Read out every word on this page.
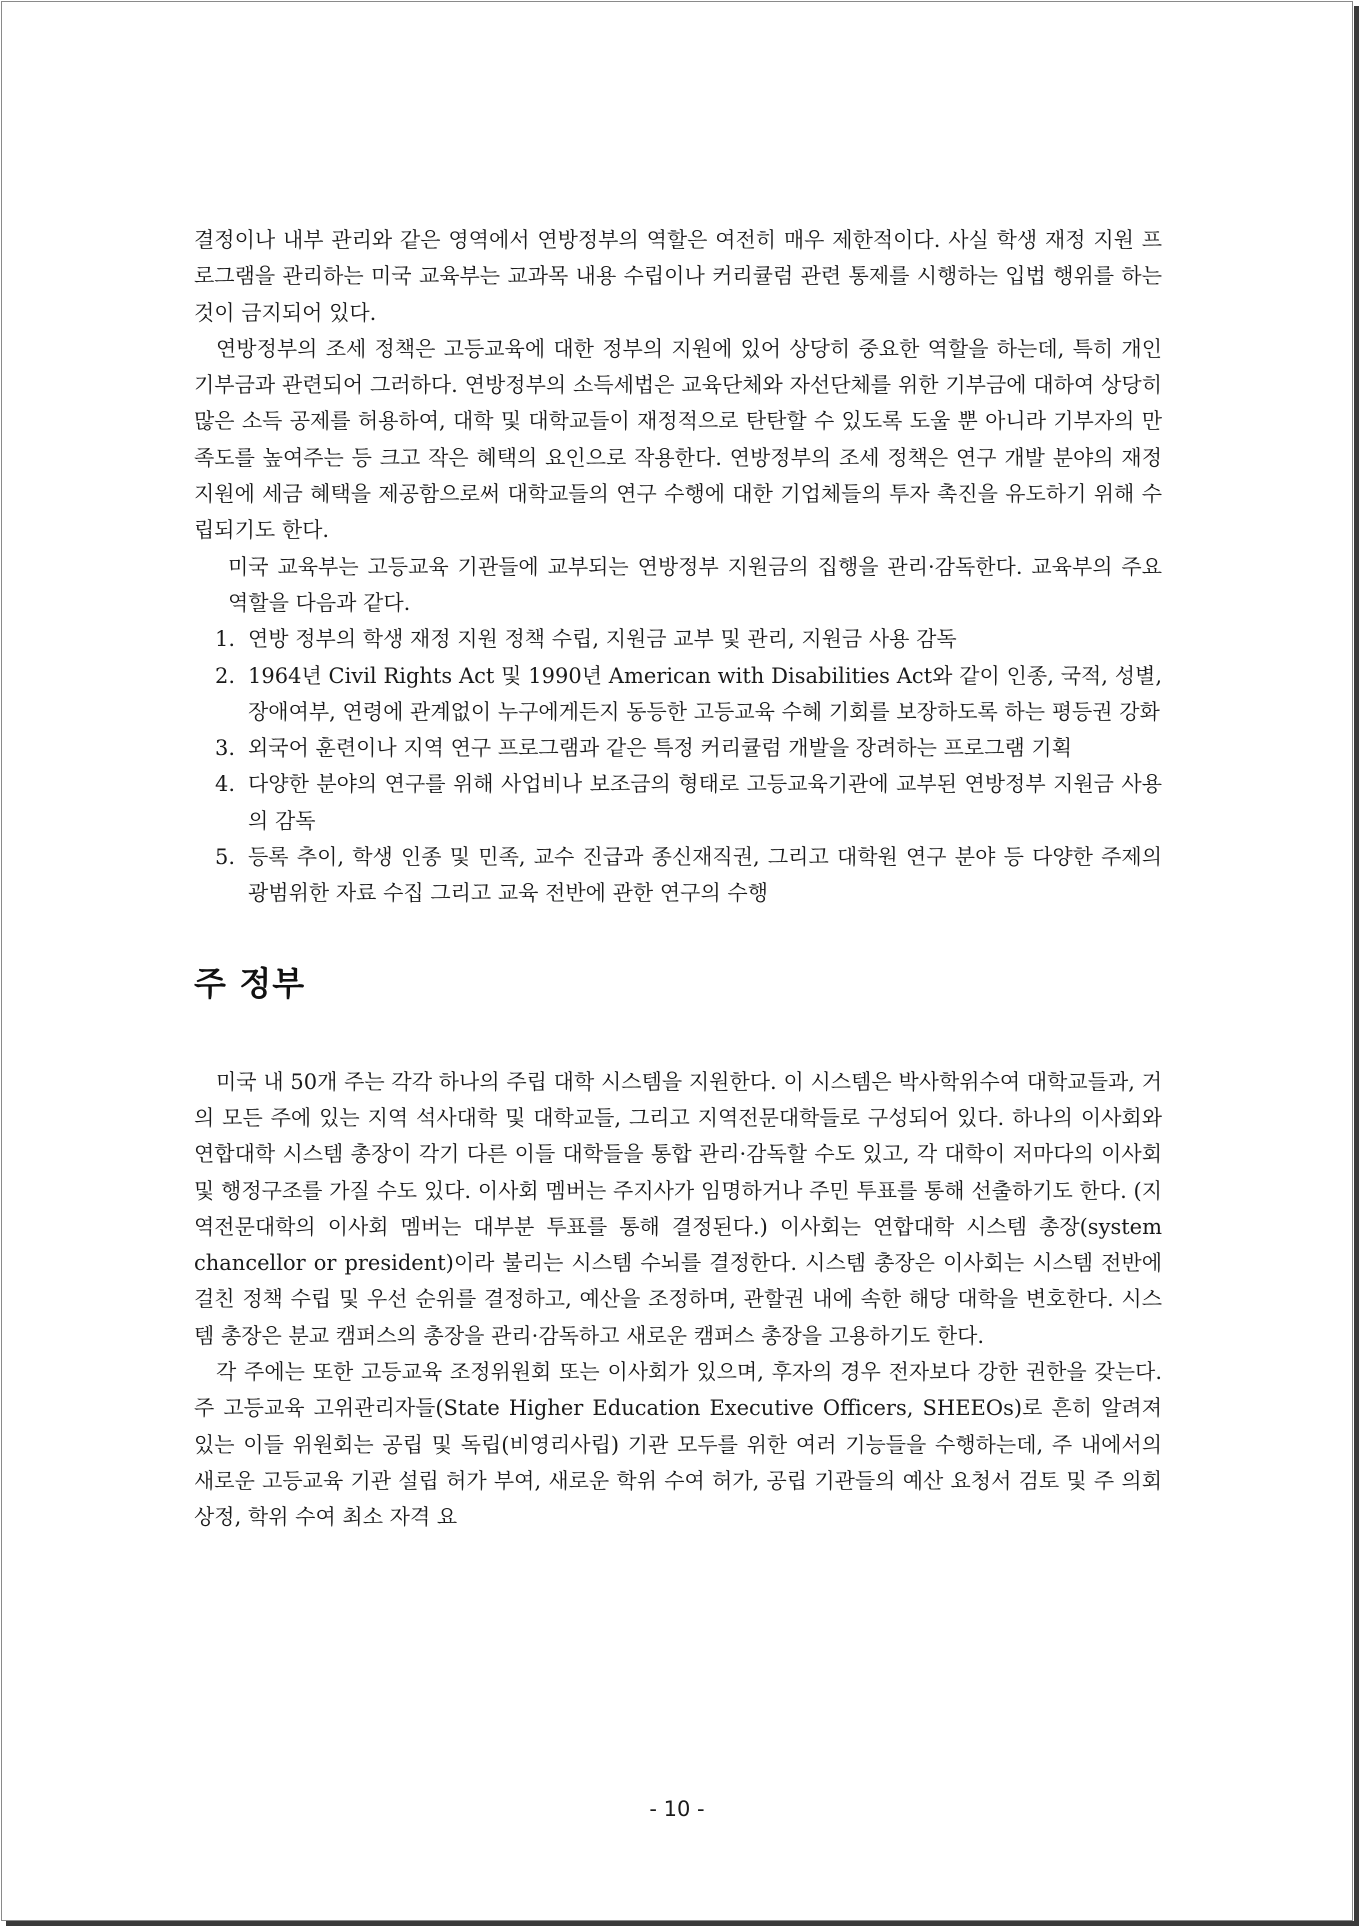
결정이나 내부 관리와 같은 영역에서 연방정부의 역할은 여전히 매우 제한적이다. 사실 학생 재정 지원 프로그램을 관리하는 미국 교육부는 교과목 내용 수립이나 커리큘럼 관련 통제를 시행하는 입법 행위를 하는 것이 금지되어 있다.

연방정부의 조세 정책은 고등교육에 대한 정부의 지원에 있어 상당히 중요한 역할을 하는데, 특히 개인 기부금과 관련되어 그러하다. 연방정부의 소득세법은 교육단체와 자선단체를 위한 기부금에 대하여 상당히 많은 소득 공제를 허용하여, 대학 및 대학교들이 재정적으로 탄탄할 수 있도록 도울 뿐 아니라 기부자의 만족도를 높여주는 등 크고 작은 혜택의 요인으로 작용한다. 연방정부의 조세 정책은 연구 개발 분야의 재정 지원에 세금 혜택을 제공함으로써 대학교들의 연구 수행에 대한 기업체들의 투자 촉진을 유도하기 위해 수립되기도 한다.

미국 교육부는 고등교육 기관들에 교부되는 연방정부 지원금의 집행을 관리·감독한다. 교육부의 주요 역할을 다음과 같다.
1. 연방 정부의 학생 재정 지원 정책 수립, 지원금 교부 및 관리, 지원금 사용 감독
2. 1964년 Civil Rights Act 및 1990년 American with Disabilities Act와 같이 인종, 국적, 성별, 장애여부, 연령에 관계없이 누구에게든지 동등한 고등교육 수혜 기회를 보장하도록 하는 평등권 강화
3. 외국어 훈련이나 지역 연구 프로그램과 같은 특정 커리큘럼 개발을 장려하는 프로그램 기획
4. 다양한 분야의 연구를 위해 사업비나 보조금의 형태로 고등교육기관에 교부된 연방정부 지원금 사용의 감독
5. 등록 추이, 학생 인종 및 민족, 교수 진급과 종신재직권, 그리고 대학원 연구 분야 등 다양한 주제의 광범위한 자료 수집 그리고 교육 전반에 관한 연구의 수행
주 정부

미국 내 50개 주는 각각 하나의 주립 대학 시스템을 지원한다. 이 시스템은 박사학위수여 대학교들과, 거의 모든 주에 있는 지역 석사대학 및 대학교들, 그리고 지역전문대학들로 구성되어 있다. 하나의 이사회와 연합대학 시스템 총장이 각기 다른 이들 대학들을 통합 관리·감독할 수도 있고, 각 대학이 저마다의 이사회 및 행정구조를 가질 수도 있다. 이사회 멤버는 주지사가 임명하거나 주민 투표를 통해 선출하기도 한다. (지역전문대학의 이사회 멤버는 대부분 투표를 통해 결정된다.) 이사회는 연합대학 시스템 총장(system chancellor or president)이라 불리는 시스템 수뇌를 결정한다. 시스템 총장은 이사회는 시스템 전반에 걸친 정책 수립 및 우선 순위를 결정하고, 예산을 조정하며, 관할권 내에 속한 해당 대학을 변호한다. 시스템 총장은 분교 캠퍼스의 총장을 관리·감독하고 새로운 캠퍼스 총장을 고용하기도 한다.

각 주에는 또한 고등교육 조정위원회 또는 이사회가 있으며, 후자의 경우 전자보다 강한 권한을 갖는다. 주 고등교육 고위관리자들(State Higher Education Executive Officers, SHEEOs)로 흔히 알려져 있는 이들 위원회는 공립 및 독립(비영리사립) 기관 모두를 위한 여러 기능들을 수행하는데, 주 내에서의 새로운 고등교육 기관 설립 허가 부여, 새로운 학위 수여 허가, 공립 기관들의 예산 요청서 검토 및 주 의회 상정, 학위 수여 최소 자격 요

- 10 -
